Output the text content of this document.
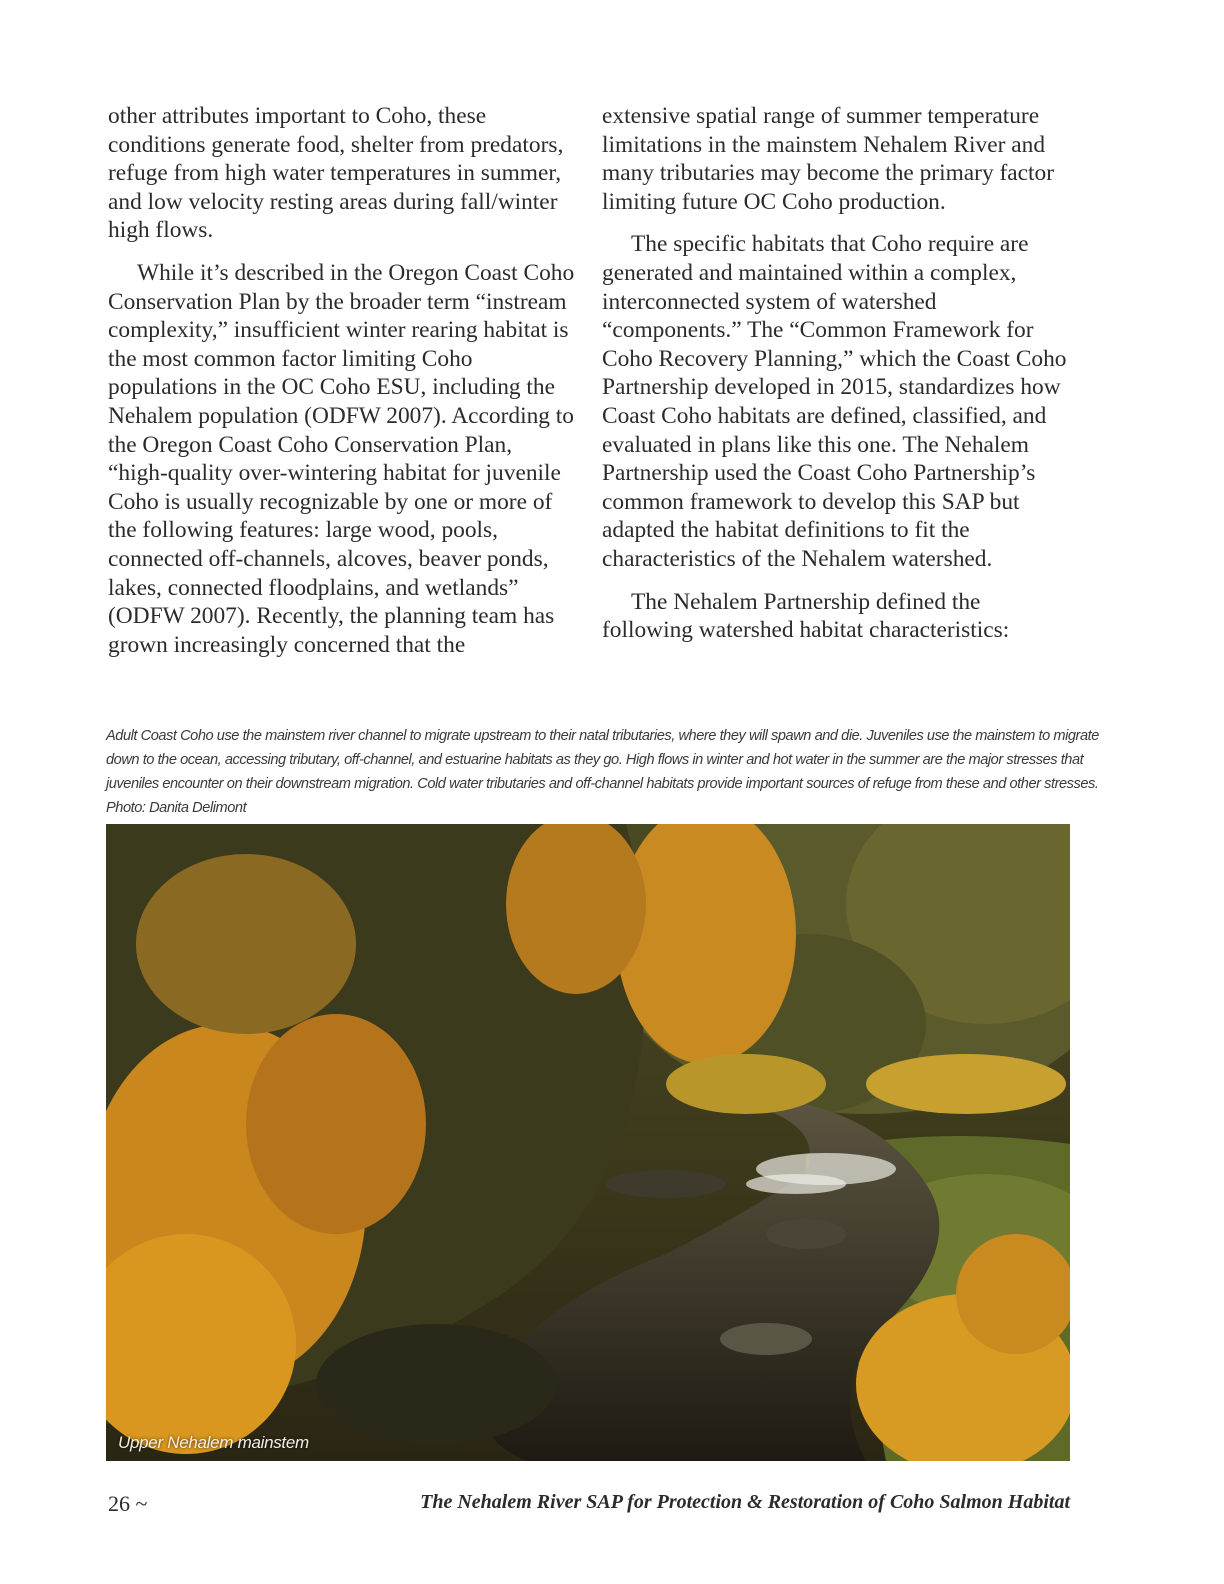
other attributes important to Coho, these conditions generate food, shelter from predators, refuge from high water temperatures in summer, and low velocity resting areas during fall/winter high flows.

While it’s described in the Oregon Coast Coho Conservation Plan by the broader term “instream complexity,” insufficient winter rearing habitat is the most common factor limiting Coho populations in the OC Coho ESU, including the Nehalem population (ODFW 2007). According to the Oregon Coast Coho Conservation Plan, “high-quality over-wintering habitat for juvenile Coho is usually recognizable by one or more of the following features: large wood, pools, connected off-channels, alcoves, beaver ponds, lakes, connected floodplains, and wetlands” (ODFW 2007). Recently, the planning team has grown increasingly concerned that the

extensive spatial range of summer temperature limitations in the mainstem Nehalem River and many tributaries may become the primary factor limiting future OC Coho production.

The specific habitats that Coho require are generated and maintained within a complex, interconnected system of watershed “components.” The “Common Framework for Coho Recovery Planning,” which the Coast Coho Partnership developed in 2015, standardizes how Coast Coho habitats are defined, classified, and evaluated in plans like this one. The Nehalem Partnership used the Coast Coho Partnership’s common framework to develop this SAP but adapted the habitat definitions to fit the characteristics of the Nehalem watershed.

The Nehalem Partnership defined the following watershed habitat characteristics:

Adult Coast Coho use the mainstem river channel to migrate upstream to their natal tributaries, where they will spawn and die. Juveniles use the mainstem to migrate
down to the ocean, accessing tributary, off-channel, and estuarine habitats as they go. High flows in winter and hot water in the summer are the major stresses that
juveniles encounter on their downstream migration. Cold water tributaries and off-channel habitats provide important sources of refuge from these and other stresses.
Photo: Danita Delimont
Upper Nehalem mainstem
26 ~	The Nehalem River SAP for Protection & Restoration of Coho Salmon Habitat
